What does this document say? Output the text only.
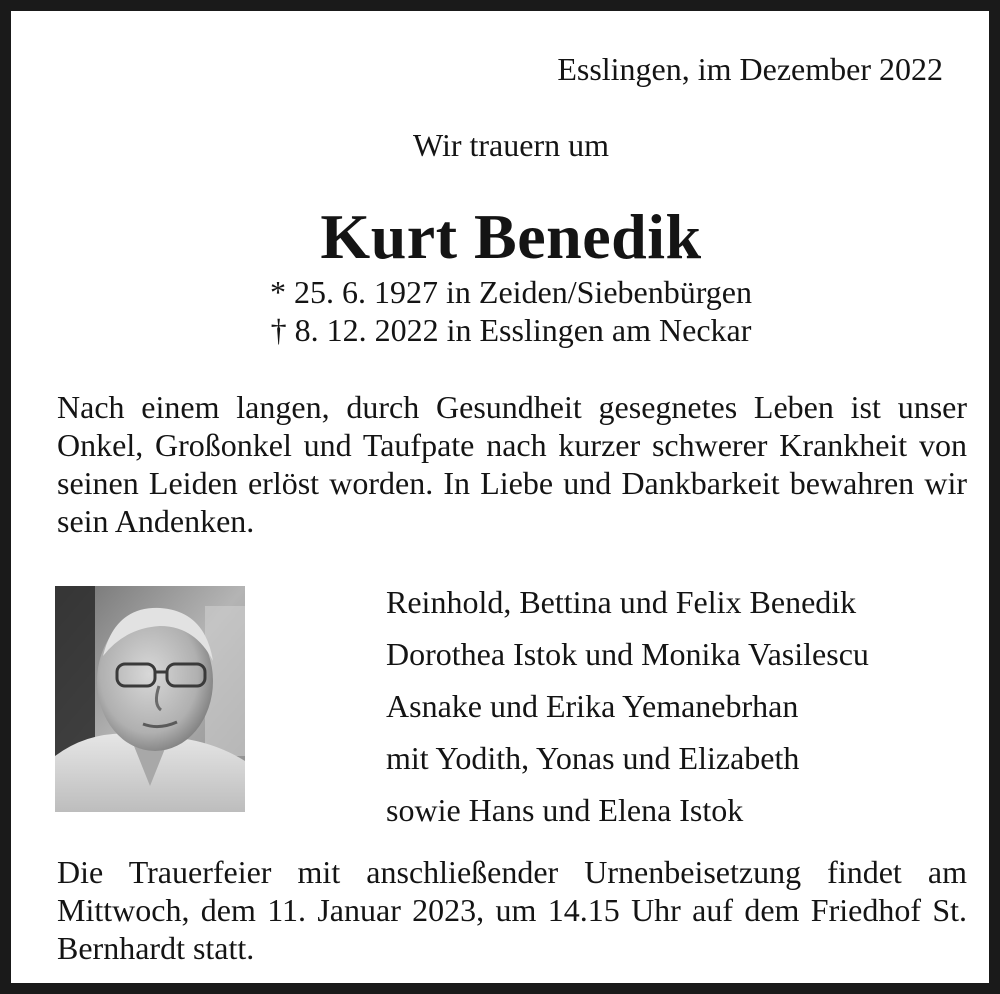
Esslingen, im Dezember 2022
Wir trauern um
Kurt Benedik
* 25. 6. 1927 in Zeiden/Siebenbürgen
† 8. 12. 2022 in Esslingen am Neckar
Nach einem langen, durch Gesundheit gesegnetes Leben ist unser Onkel, Großonkel und Taufpate nach kurzer schwerer Krankheit von seinen Leiden erlöst worden. In Liebe und Dankbarkeit bewahren wir sein Andenken.
Reinhold, Bettina und Felix Benedik
Dorothea Istok und Monika Vasilescu
Asnake und Erika Yemanebrhan
mit Yodith, Yonas und Elizabeth
sowie Hans und Elena Istok
Die Trauerfeier mit anschließender Urnenbeisetzung findet am Mittwoch, dem 11. Januar 2023, um 14.15 Uhr auf dem Friedhof St. Bernhardt statt.
